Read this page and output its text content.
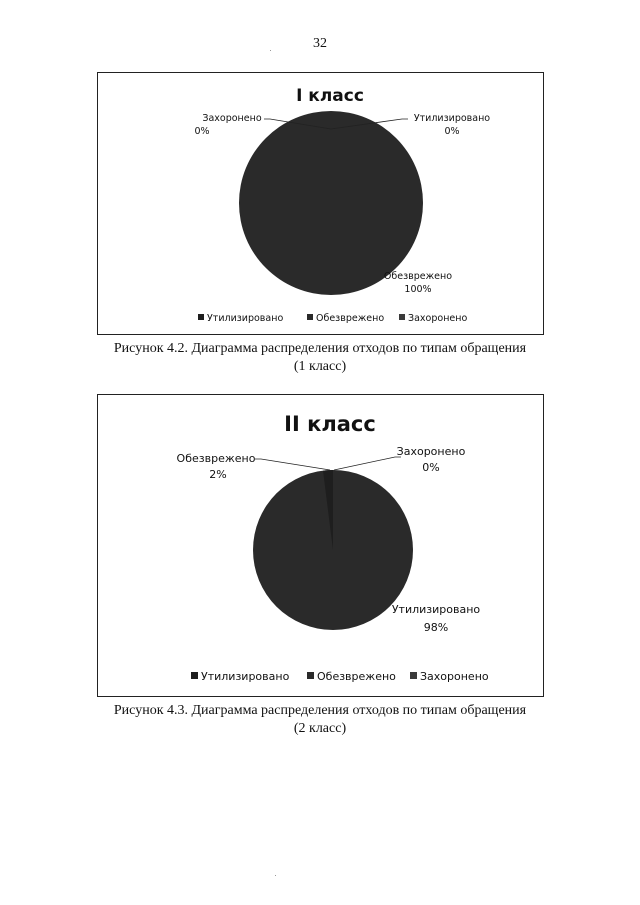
32
I класс
Захоронено
0%
Утилизировано
0%
Обезврежено
100%
Утилизировано	Обезврежено	Захоронено
Рисунок 4.2. Диаграмма распределения отходов по типам обращения
(1 класс)
II класс
Обезврежено
2%
Захоронено
0%
Утилизировано
98%
Утилизировано	Обезврежено Захоронено
Рисунок 4.3. Диаграмма распределения отходов по типам обращения
(2 класс)
